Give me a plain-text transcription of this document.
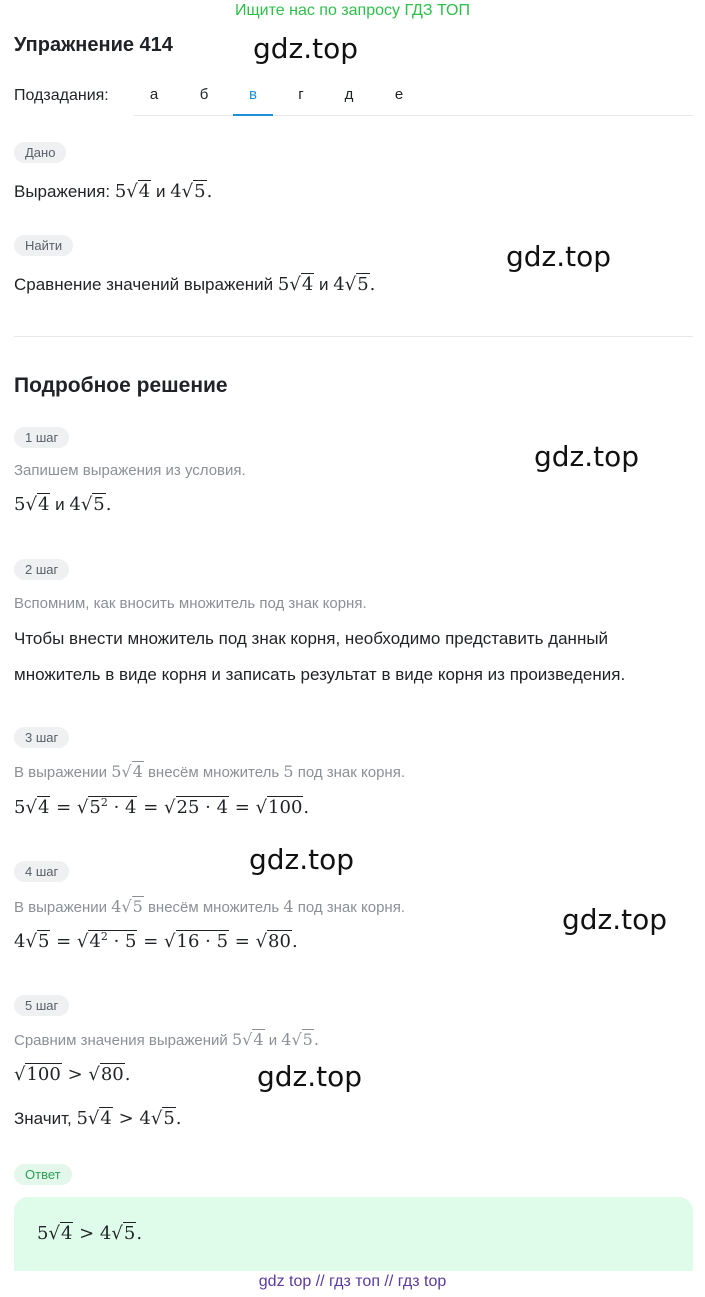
Ищите нас по запросу ГДЗ ТОП
Упражнение 414	gdz.top
gdz.top
gdz.top
gdz.top
gdz.top
gdz.top
Подзадания:	а	б	в	г	д	е
Дано
Выражения: 5√4 и 4√5.
Найти
Сравнение значений выражений 5√4 и 4√5.
Подробное решение
1 шаг
Запишем выражения из условия.
5√4 и 4√5.
2 шаг
Вспомним, как вносить множитель под знак корня.
Чтобы внести множитель под знак корня, необходимо представить данный
множитель в виде корня и записать результат в виде корня из произведения.
3 шаг
В выражении 5√4 внесём множитель 5 под знак корня.
$5√4 = √5^2 \cdot 4 = √25 \cdot 4 = √100$.
4 шаг
В выражении 4√5 внесём множитель 4 под знак корня.
$4√5 = √4^2 \cdot 5 = √16 \cdot 5 = √80$.
5 шаг
Сравним значения выражений 5√4 и 4√5.
√100 > √80.
Значит, 5√4 > 4√5.
Ответ
5√4 > 4√5.
gdz top // гдз топ // гдз top
